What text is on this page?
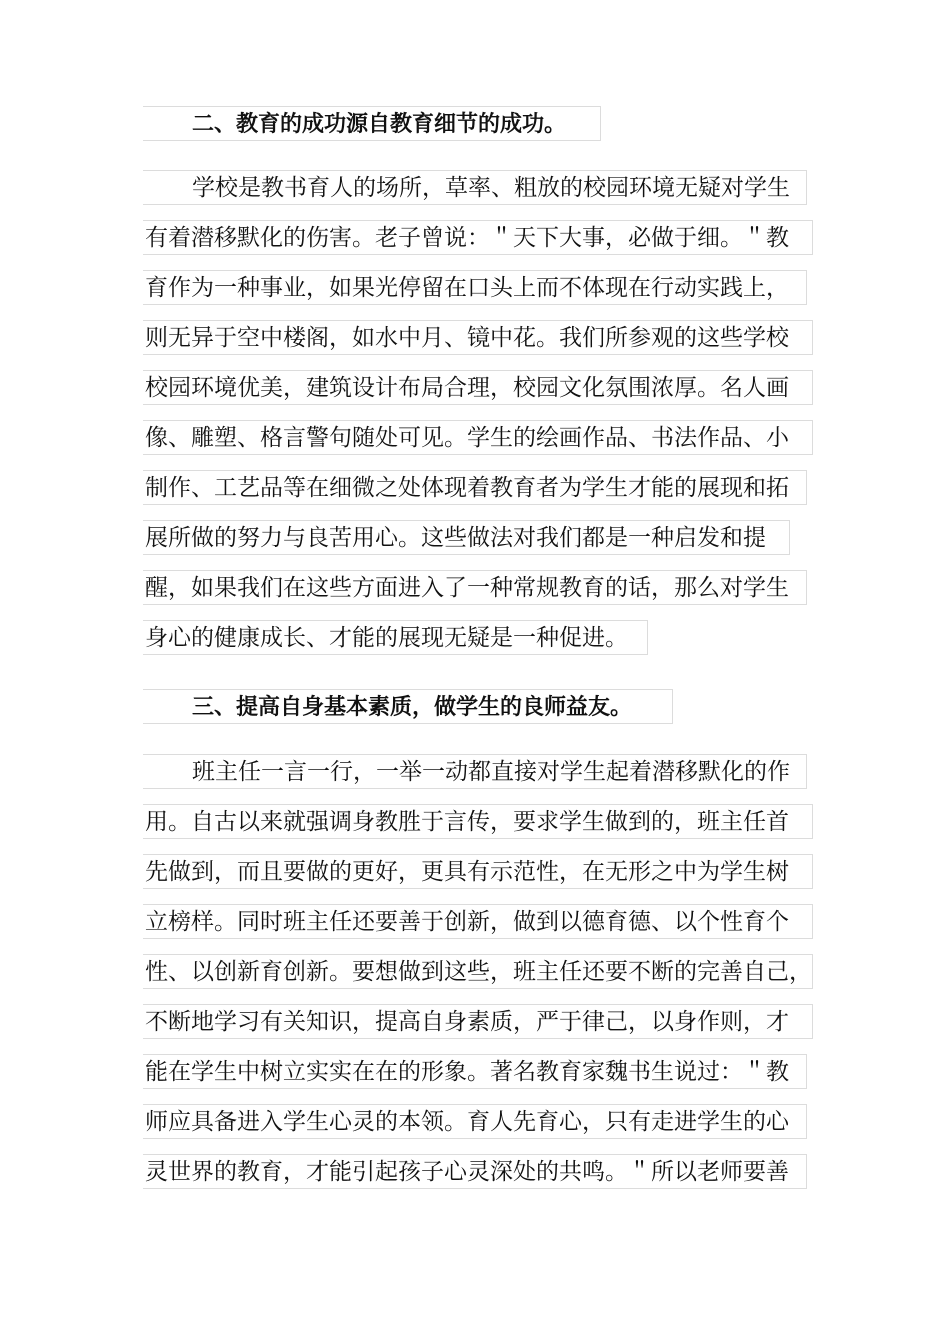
二、教育的成功源自教育细节的成功。
学校是教书育人的场所，草率、粗放的校园环境无疑对学生
有着潜移默化的伤害。老子曾说：＂天下大事，必做于细。＂教
育作为一种事业，如果光停留在口头上而不体现在行动实践上，
则无异于空中楼阁，如水中月、镜中花。我们所参观的这些学校
校园环境优美，建筑设计布局合理，校园文化氛围浓厚。名人画
像、雕塑、格言警句随处可见。学生的绘画作品、书法作品、小
制作、工艺品等在细微之处体现着教育者为学生才能的展现和拓
展所做的努力与良苦用心。这些做法对我们都是一种启发和提
醒，如果我们在这些方面进入了一种常规教育的话，那么对学生
身心的健康成长、才能的展现无疑是一种促进。
三、提高自身基本素质，做学生的良师益友。
班主任一言一行，一举一动都直接对学生起着潜移默化的作
用。自古以来就强调身教胜于言传，要求学生做到的，班主任首
先做到，而且要做的更好，更具有示范性，在无形之中为学生树
立榜样。同时班主任还要善于创新，做到以德育德、以个性育个
性、以创新育创新。要想做到这些，班主任还要不断的完善自己，
不断地学习有关知识，提高自身素质，严于律己，以身作则，才
能在学生中树立实实在在的形象。著名教育家魏书生说过：＂教
师应具备进入学生心灵的本领。育人先育心，只有走进学生的心
灵世界的教育，才能引起孩子心灵深处的共鸣。＂所以老师要善
